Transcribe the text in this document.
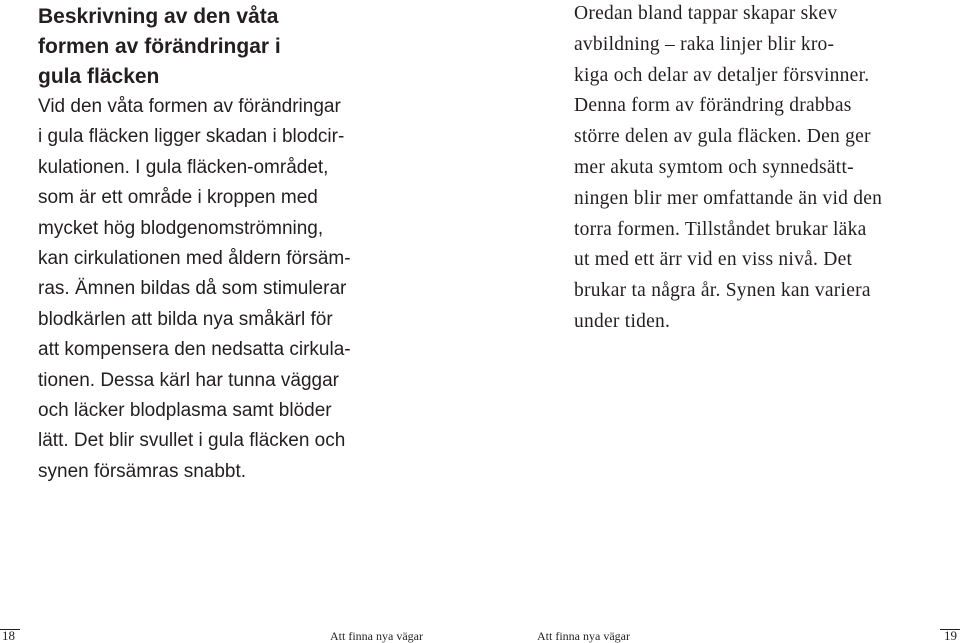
Beskrivning av den våta
formen av förändringar i
gula fläcken

Vid den våta formen av förändringar
i gula fläcken ligger skadan i blodcir-
kulationen. I gula fläcken-området,
som är ett område i kroppen med
mycket hög blodgenomströmning,
kan cirkulationen med åldern försäm-
ras. Ämnen bildas då som stimulerar
blodkärlen att bilda nya småkärl för
att kompensera den nedsatta cirkula-
tionen. Dessa kärl har tunna väggar
och läcker blodplasma samt blöder
lätt. Det blir svullet i gula fläcken och
synen försämras snabbt.

Oredan bland tappar skapar skev
avbildning – raka linjer blir kro-
kiga och delar av detaljer försvinner.
Denna form av förändring drabbas
större delen av gula fläcken. Den ger
mer akuta symtom och synnedsätt-
ningen blir mer omfattande än vid den
torra formen. Tillståndet brukar läka
ut med ett ärr vid en viss nivå. Det
brukar ta några år. Synen kan variera
under tiden.

18	Att finna nya vägar	Att finna nya vägar	19
